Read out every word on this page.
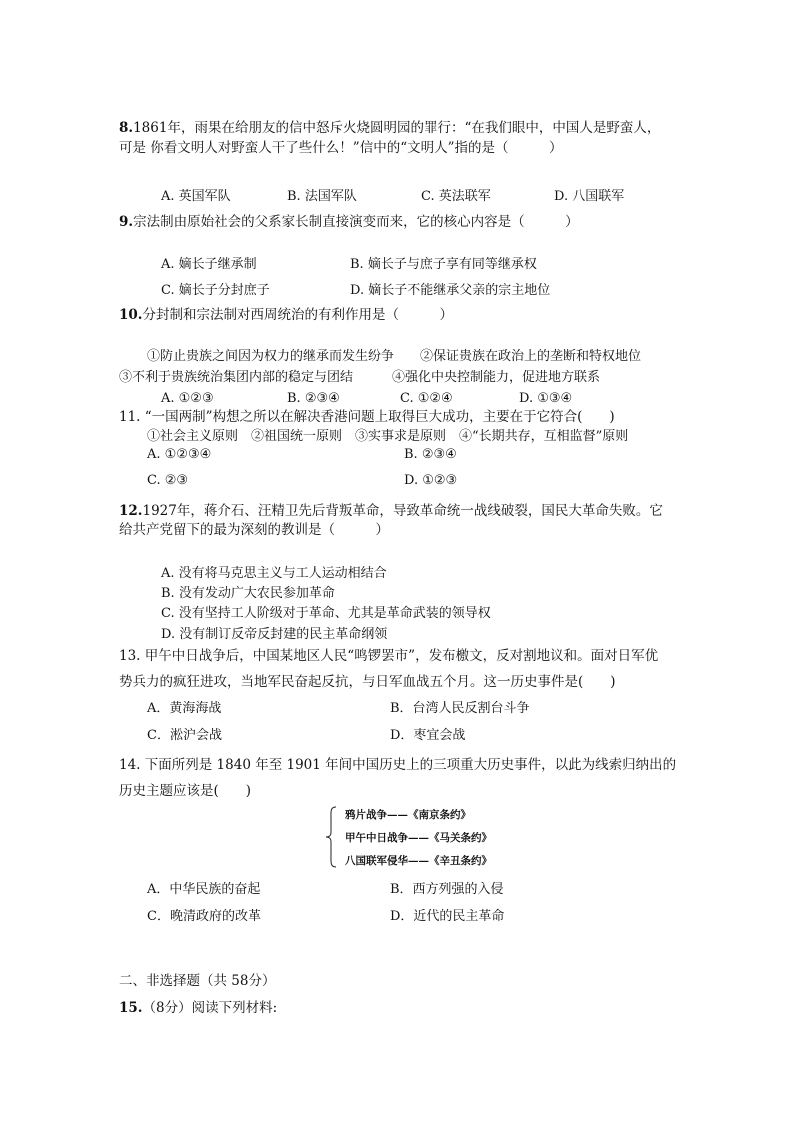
8.1861年，雨果在给朋友的信中怒斥火烧圆明园的罪行：“在我们眼中，中国人是野蛮人，
可是 你看文明人对野蛮人干了些什么！”信中的“文明人”指的是（　　　）
A. 英国军队	B. 法国军队	C. 英法联军	D. 八国联军
9.宗法制由原始社会的父系家长制直接演变而来，它的核心内容是（　　　）
A. 嫡长子继承制	B. 嫡长子与庶子享有同等继承权
C. 嫡长子分封庶子	D. 嫡长子不能继承父亲的宗主地位
10.分封制和宗法制对西周统治的有利作用是（　　　）
①防止贵族之间因为权力的继承而发生纷争　　②保证贵族在政治上的垄断和特权地位
③不利于贵族统治集团内部的稳定与团结　　　④强化中央控制能力，促进地方联系
A. ①②③	B. ②③④	C. ①②④	D. ①③④
11. “一国两制”构想之所以在解决香港问题上取得巨大成功，主要在于它符合(　　)
①社会主义原则　②祖国统一原则　③实事求是原则　④“长期共存，互相监督”原则
A. ①②③④	B. ②③④
C. ②③	D. ①②③
12.1927年，蒋介石、汪精卫先后背叛革命，导致革命统一战线破裂，国民大革命失败。它
给共产党留下的最为深刻的教训是（　　　）
A. 没有将马克思主义与工人运动相结合
B. 没有发动广大农民参加革命
C. 没有坚持工人阶级对于革命、尤其是革命武装的领导权
D. 没有制订反帝反封建的民主革命纲领
13. 甲午中日战争后，中国某地区人民“鸣锣罢市”，发布檄文，反对割地议和。面对日军优
势兵力的疯狂进攻，当地军民奋起反抗，与日军血战五个月。这一历史事件是(　　)
A．黄海海战	B．台湾人民反割台斗争
C．淞沪会战	D．枣宜会战
14. 下面所列是 1840 年至 1901 年间中国历史上的三项重大历史事件，以此为线索归纳出的
历史主题应该是(　　)
鸦片战争——《南京条约》
甲午中日战争——《马关条约》
八国联军侵华——《辛丑条约》
A．中华民族的奋起	B．西方列强的入侵
C．晚清政府的改革	D．近代的民主革命
二、非选择题（共 58分）
15.（8分）阅读下列材料:
